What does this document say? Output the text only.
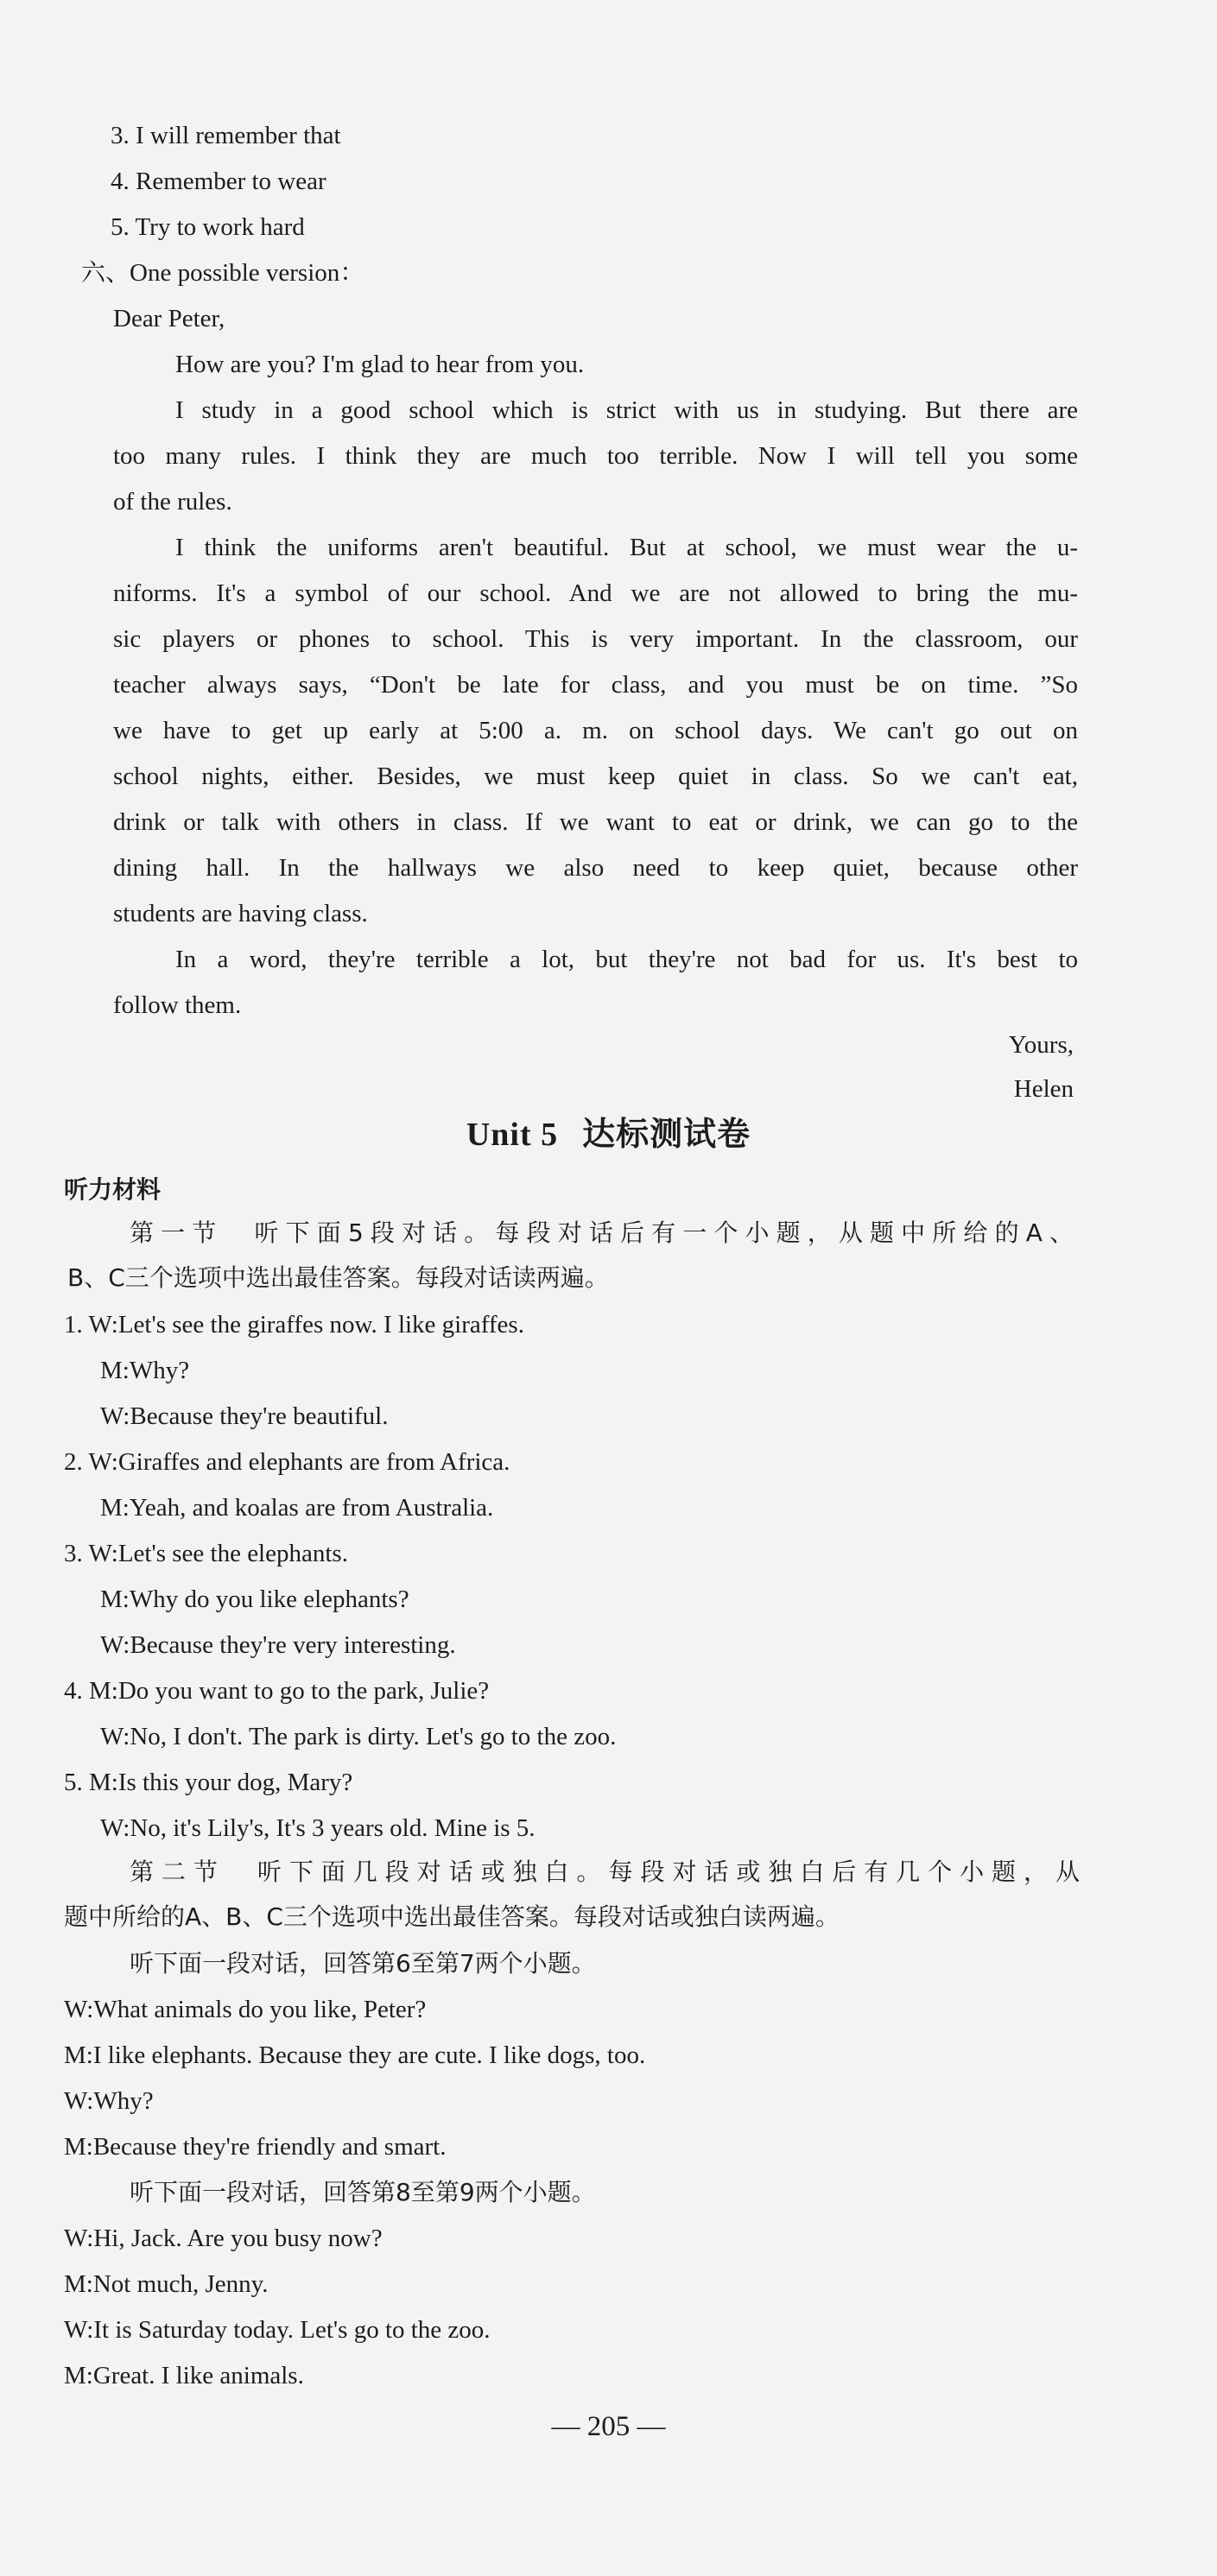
3. I will remember that
4. Remember to wear
5. Try to work hard
六、One possible version：
Dear Peter,
How are you? I'm glad to hear from you.
I study in a good school which is strict with us in studying. But there are
too many rules. I think they are much too terrible. Now I will tell you some
of the rules.
I think the uniforms aren't beautiful. But at school, we must wear the u-
niforms. It's a symbol of our school. And we are not allowed to bring the mu-
sic players or phones to school. This is very important. In the classroom, our
teacher always says, “Don't be late for class, and you must be on time. ”So
we have to get up early at 5:00 a. m. on school days. We can't go out on
school nights, either. Besides, we must keep quiet in class. So we can't eat,
drink or talk with others in class. If we want to eat or drink, we can go to the
dining hall. In the hallways we also need to keep quiet, because other
students are having class.
In a word, they're terrible a lot, but they're not bad for us. It's best to
follow them.
Yours,
Helen
Unit 5 达标测试卷
听力材料
第一节　听下面5段对话。每段对话后有一个小题，从题中所给的A、
B、C三个选项中选出最佳答案。每段对话读两遍。
1. W:Let's see the giraffes now. I like giraffes.
M:Why?
W:Because they're beautiful.
2. W:Giraffes and elephants are from Africa.
M:Yeah, and koalas are from Australia.
3. W:Let's see the elephants.
M:Why do you like elephants?
W:Because they're very interesting.
4. M:Do you want to go to the park, Julie?
W:No, I don't. The park is dirty. Let's go to the zoo.
5. M:Is this your dog, Mary?
W:No, it's Lily's, It's 3 years old. Mine is 5.
第二节　听下面几段对话或独白。每段对话或独白后有几个小题，从
题中所给的A、B、C三个选项中选出最佳答案。每段对话或独白读两遍。
听下面一段对话，回答第6至第7两个小题。
W:What animals do you like, Peter?
M:I like elephants. Because they are cute. I like dogs, too.
W:Why?
M:Because they're friendly and smart.
听下面一段对话，回答第8至第9两个小题。
W:Hi, Jack. Are you busy now?
M:Not much, Jenny.
W:It is Saturday today. Let's go to the zoo.
M:Great. I like animals.
— 205 —
